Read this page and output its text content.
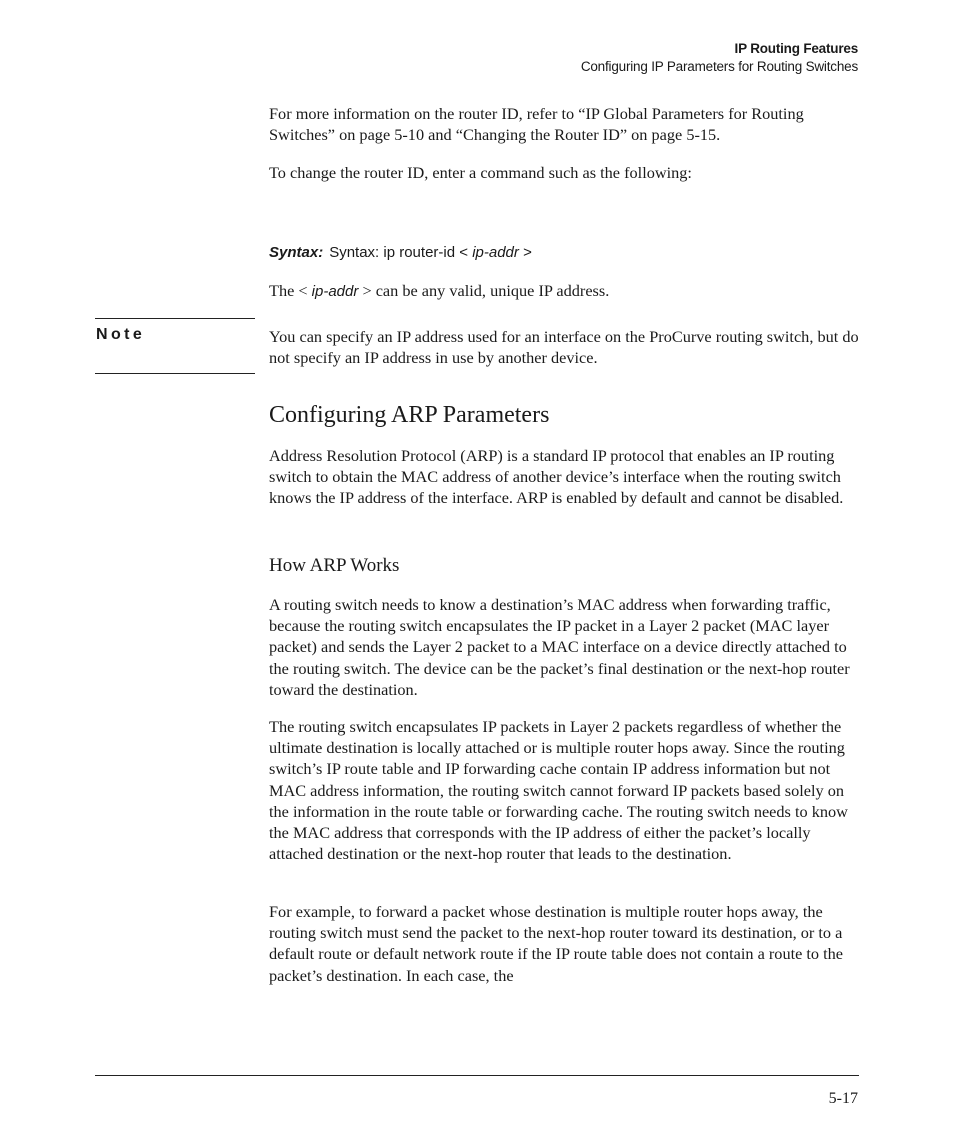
IP Routing Features
Configuring IP Parameters for Routing Switches

For more information on the router ID, refer to “IP Global Parameters for Routing Switches” on page 5-10 and “Changing the Router ID” on page 5-15.

To change the router ID, enter a command such as the following:

Syntax: Syntax: ip router-id < ip-addr >

The < ip-addr > can be any valid, unique IP address.

Note	You can specify an IP address used for an interface on the ProCurve routing switch, but do not specify an IP address in use by another device.

Configuring ARP Parameters

Address Resolution Protocol (ARP) is a standard IP protocol that enables an IP routing switch to obtain the MAC address of another device’s interface when the routing switch knows the IP address of the interface. ARP is enabled by default and cannot be disabled.

How ARP Works

A routing switch needs to know a destination’s MAC address when forwarding traffic, because the routing switch encapsulates the IP packet in a Layer 2 packet (MAC layer packet) and sends the Layer 2 packet to a MAC interface on a device directly attached to the routing switch. The device can be the packet’s final destination or the next-hop router toward the destination.

The routing switch encapsulates IP packets in Layer 2 packets regardless of whether the ultimate destination is locally attached or is multiple router hops away. Since the routing switch’s IP route table and IP forwarding cache contain IP address information but not MAC address information, the routing switch cannot forward IP packets based solely on the information in the route table or forwarding cache. The routing switch needs to know the MAC address that corresponds with the IP address of either the packet’s locally attached destination or the next-hop router that leads to the destination.

For example, to forward a packet whose destination is multiple router hops away, the routing switch must send the packet to the next-hop router toward its destination, or to a default route or default network route if the IP route table does not contain a route to the packet’s destination. In each case, the

5-17
